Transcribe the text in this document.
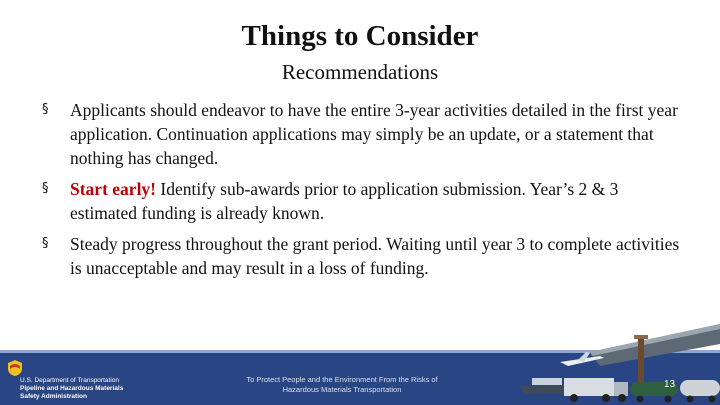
Things to Consider
Recommendations
§ Applicants should endeavor to have the entire 3-year activities detailed in the first year application. Continuation applications may simply be an update, or a statement that nothing has changed.
§ Start early! Identify sub-awards prior to application submission. Year’s 2 & 3 estimated funding is already known.
§ Steady progress throughout the grant period. Waiting until year 3 to complete activities is unacceptable and may result in a loss of funding.
U.S. Department of Transportation
Pipeline and Hazardous Materials
Safety Administration
To Protect People and the Environment From the Risks of
Hazardous Materials Transportation	13
